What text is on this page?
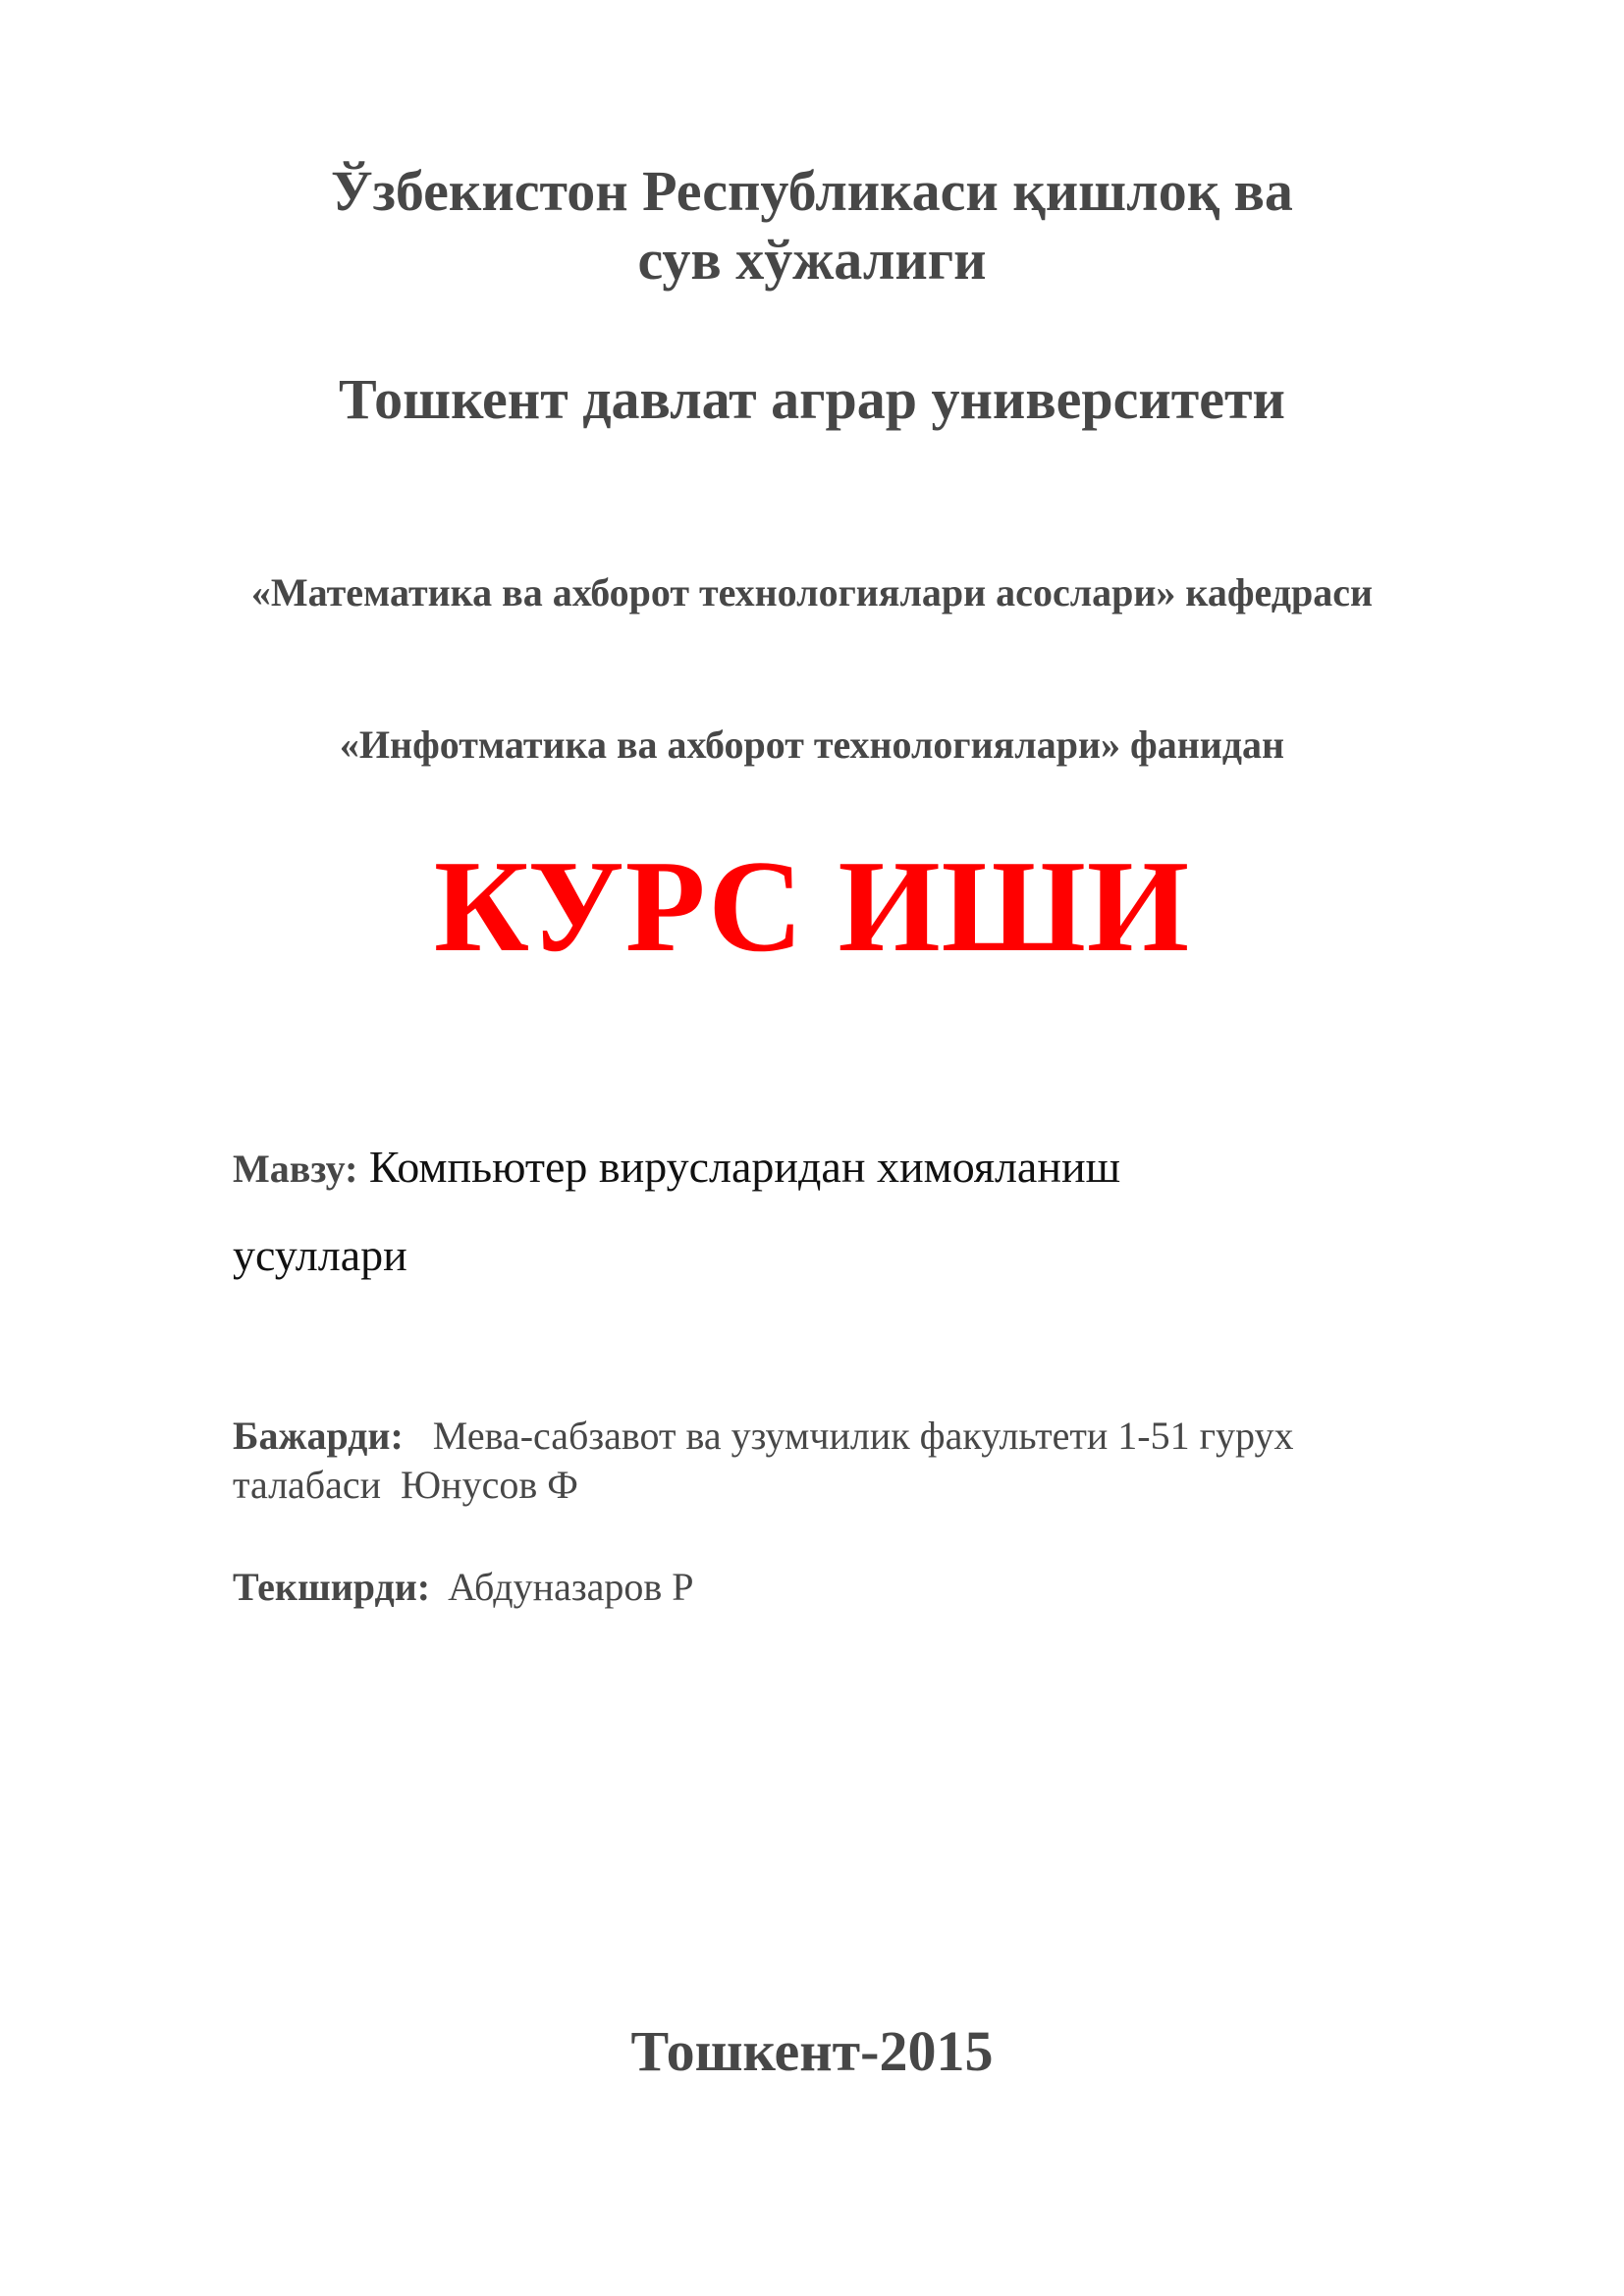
Ўзбекистон Республикаси қишлоқ ва
сув хўжалиги
Тошкент давлат аграр университети
«Математика ва ахборот технологиялари асослари» кафедраси
«Инфотматика ва ахборот технологиялари» фанидан
КУРС ИШИ
Мавзу: Компьютер вирусларидан химояланиш
усуллари
Бажарди: Мева-сабзавот ва узумчилик факультети 1-51 гурух
талабаси  Юнусов Ф
Текширди: Абдуназаров Р
Тошкент-2015
